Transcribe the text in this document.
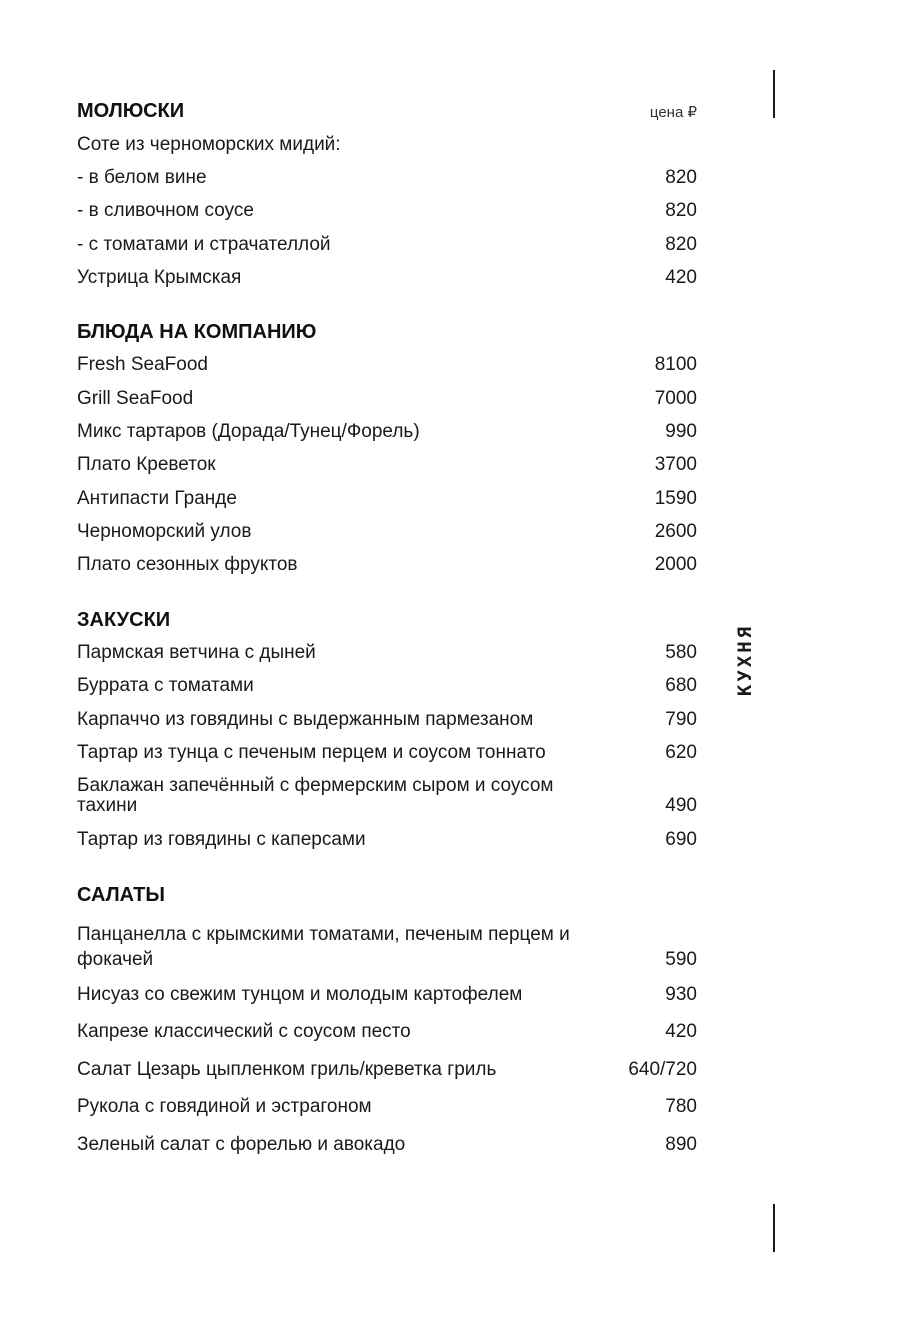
КУХНЯ
цена ₽
МОЛЮСКИ
Соте из черноморских мидий:
- в белом вине	820
- в сливочном соусе	820
- с томатами и страчателлой	820
Устрица Крымская	420
БЛЮДА НА КОМПАНИЮ
Fresh SeaFood	8100
Grill SeaFood	7000
Микс тартаров (Дорада/Тунец/Форель)	990
Плато Креветок	3700
Антипасти Гранде	1590
Черноморский улов	2600
Плато сезонных фруктов	2000
ЗАКУСКИ
Пармская ветчина с дыней	580
Буррата с томатами	680
Карпаччо из говядины с выдержанным пармезаном	790
Тартар из тунца с печеным перцем и соусом тоннато	620
Баклажан запечённый с фермерским сыром и соусом тахини	490
Тартар из говядины с каперсами	690
САЛАТЫ
Панцанелла с крымскими томатами, печеным перцем и фокачей	590
Нисуаз со свежим тунцом и молодым картофелем	930
Капрезе классический с соусом песто	420
Салат Цезарь цыпленком гриль/креветка гриль	640/720
Рукола с говядиной и эстрагоном	780
Зеленый салат с форелью и авокадо	890
